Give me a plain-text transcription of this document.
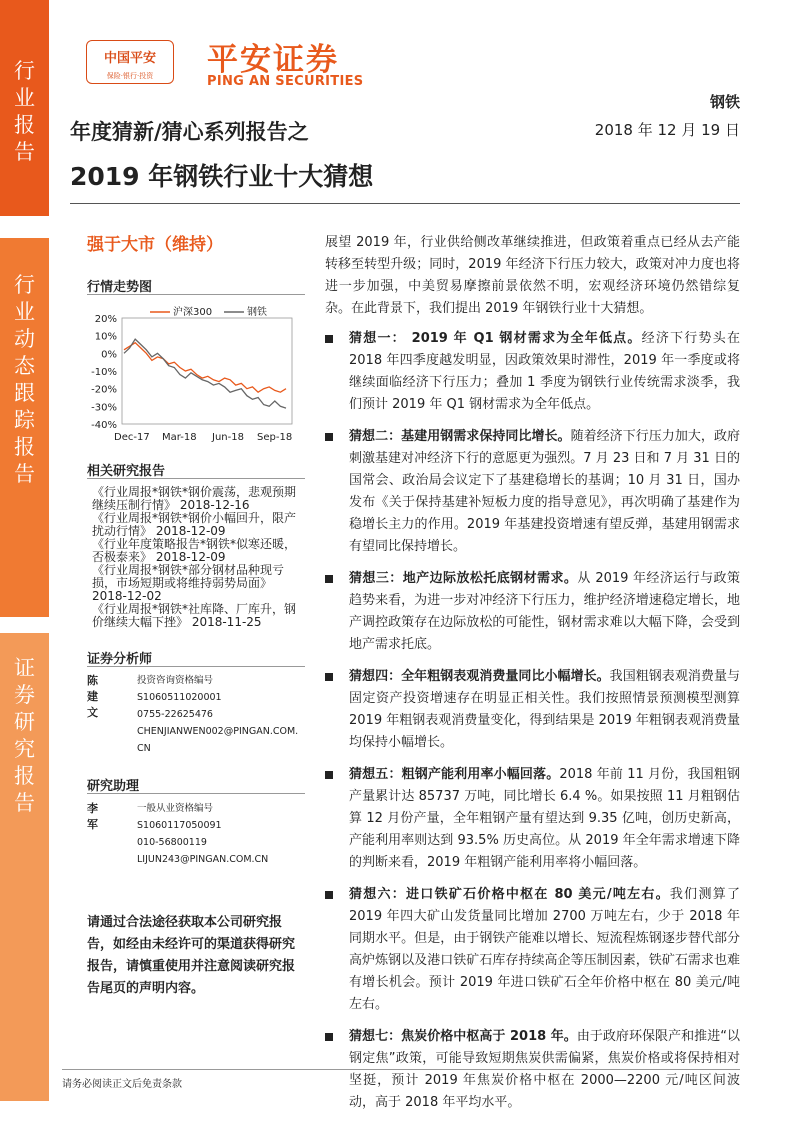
行
业
报
告
行
业
动
态
跟
踪
报
告
证
券
研
究
报
告
中国平安
保险·银行·投资	平安证券
PING AN SECURITIES
钢铁
年度猜新/猜心系列报告之	2018 年 12 月 19 日
2019 年钢铁行业十大猜想
强于大市（维持）
行情走势图
20%
10%
0%
-10%
-20%
-30%
-40%
Dec-17 Mar-18 Jun-18 Sep-18
沪深300	钢铁
相关研究报告
《行业周报*钢铁*钢价震荡，悲观预期继续压制行情》 2018-12-16
《行业周报*钢铁*钢价小幅回升，限产扰动行情》 2018-12-09
《行业年度策略报告*钢铁*似寒还暖，否极泰来》 2018-12-09
《行业周报*钢铁*部分钢材品种现亏损，市场短期或将维持弱势局面》 2018-12-02
《行业周报*钢铁*社库降、厂库升，钢价继续大幅下挫》 2018-11-25
证券分析师
陈建文
投资咨询资格编号
S1060511020001
0755-22625476
CHENJIANWEN002@PINGAN.COM.
CN
研究助理
李军
一般从业资格编号
S1060117050091
010-56800119
LIJUN243@PINGAN.COM.CN
请通过合法途径获取本公司研究报告，如经由未经许可的渠道获得研究报告，请慎重使用并注意阅读研究报告尾页的声明内容。
展望 2019 年，行业供给侧改革继续推进，但政策着重点已经从去产能转移至转型升级；同时，2019 年经济下行压力较大，政策对冲力度也将进一步加强，中美贸易摩擦前景依然不明，宏观经济环境仍然错综复杂。在此背景下，我们提出 2019 年钢铁行业十大猜想。
猜想一： 2019 年 Q1 钢材需求为全年低点。经济下行势头在 2018 年四季度越发明显，因政策效果时滞性，2019 年一季度或将继续面临经济下行压力；叠加 1 季度为钢铁行业传统需求淡季，我们预计 2019 年 Q1 钢材需求为全年低点。
猜想二：基建用钢需求保持同比增长。随着经济下行压力加大，政府刺激基建对冲经济下行的意愿更为强烈。7 月 23 日和 7 月 31 日的国常会、政治局会议定下了基建稳增长的基调；10 月 31 日，国办发布《关于保持基建补短板力度的指导意见》，再次明确了基建作为稳增长主力的作用。2019 年基建投资增速有望反弹，基建用钢需求有望同比保持增长。
猜想三：地产边际放松托底钢材需求。从 2019 年经济运行与政策趋势来看，为进一步对冲经济下行压力，维护经济增速稳定增长，地产调控政策存在边际放松的可能性，钢材需求难以大幅下降，会受到地产需求托底。
猜想四：全年粗钢表观消费量同比小幅增长。我国粗钢表观消费量与固定资产投资增速存在明显正相关性。我们按照情景预测模型测算 2019 年粗钢表观消费量变化，得到结果是 2019 年粗钢表观消费量均保持小幅增长。
猜想五：粗钢产能利用率小幅回落。2018 年前 11 月份，我国粗钢产量累计达 85737 万吨，同比增长 6.4 %。如果按照 11 月粗钢估算 12 月份产量，全年粗钢产量有望达到 9.35 亿吨，创历史新高，产能利用率则达到 93.5% 历史高位。从 2019 年全年需求增速下降的判断来看，2019 年粗钢产能利用率将小幅回落。
猜想六：进口铁矿石价格中枢在 80 美元/吨左右。我们测算了 2019 年四大矿山发货量同比增加 2700 万吨左右，少于 2018 年同期水平。但是，由于钢铁产能难以增长、短流程炼钢逐步替代部分高炉炼钢以及港口铁矿石库存持续高企等压制因素，铁矿石需求也难有增长机会。预计 2019 年进口铁矿石全年价格中枢在 80 美元/吨左右。
猜想七：焦炭价格中枢高于 2018 年。由于政府环保限产和推进“以钢定焦”政策，可能导致短期焦炭供需偏紧，焦炭价格或将保持相对坚挺，预计 2019 年焦炭价格中枢在 2000—2200 元/吨区间波动，高于 2018 年平均水平。
请务必阅读正文后免责条款
